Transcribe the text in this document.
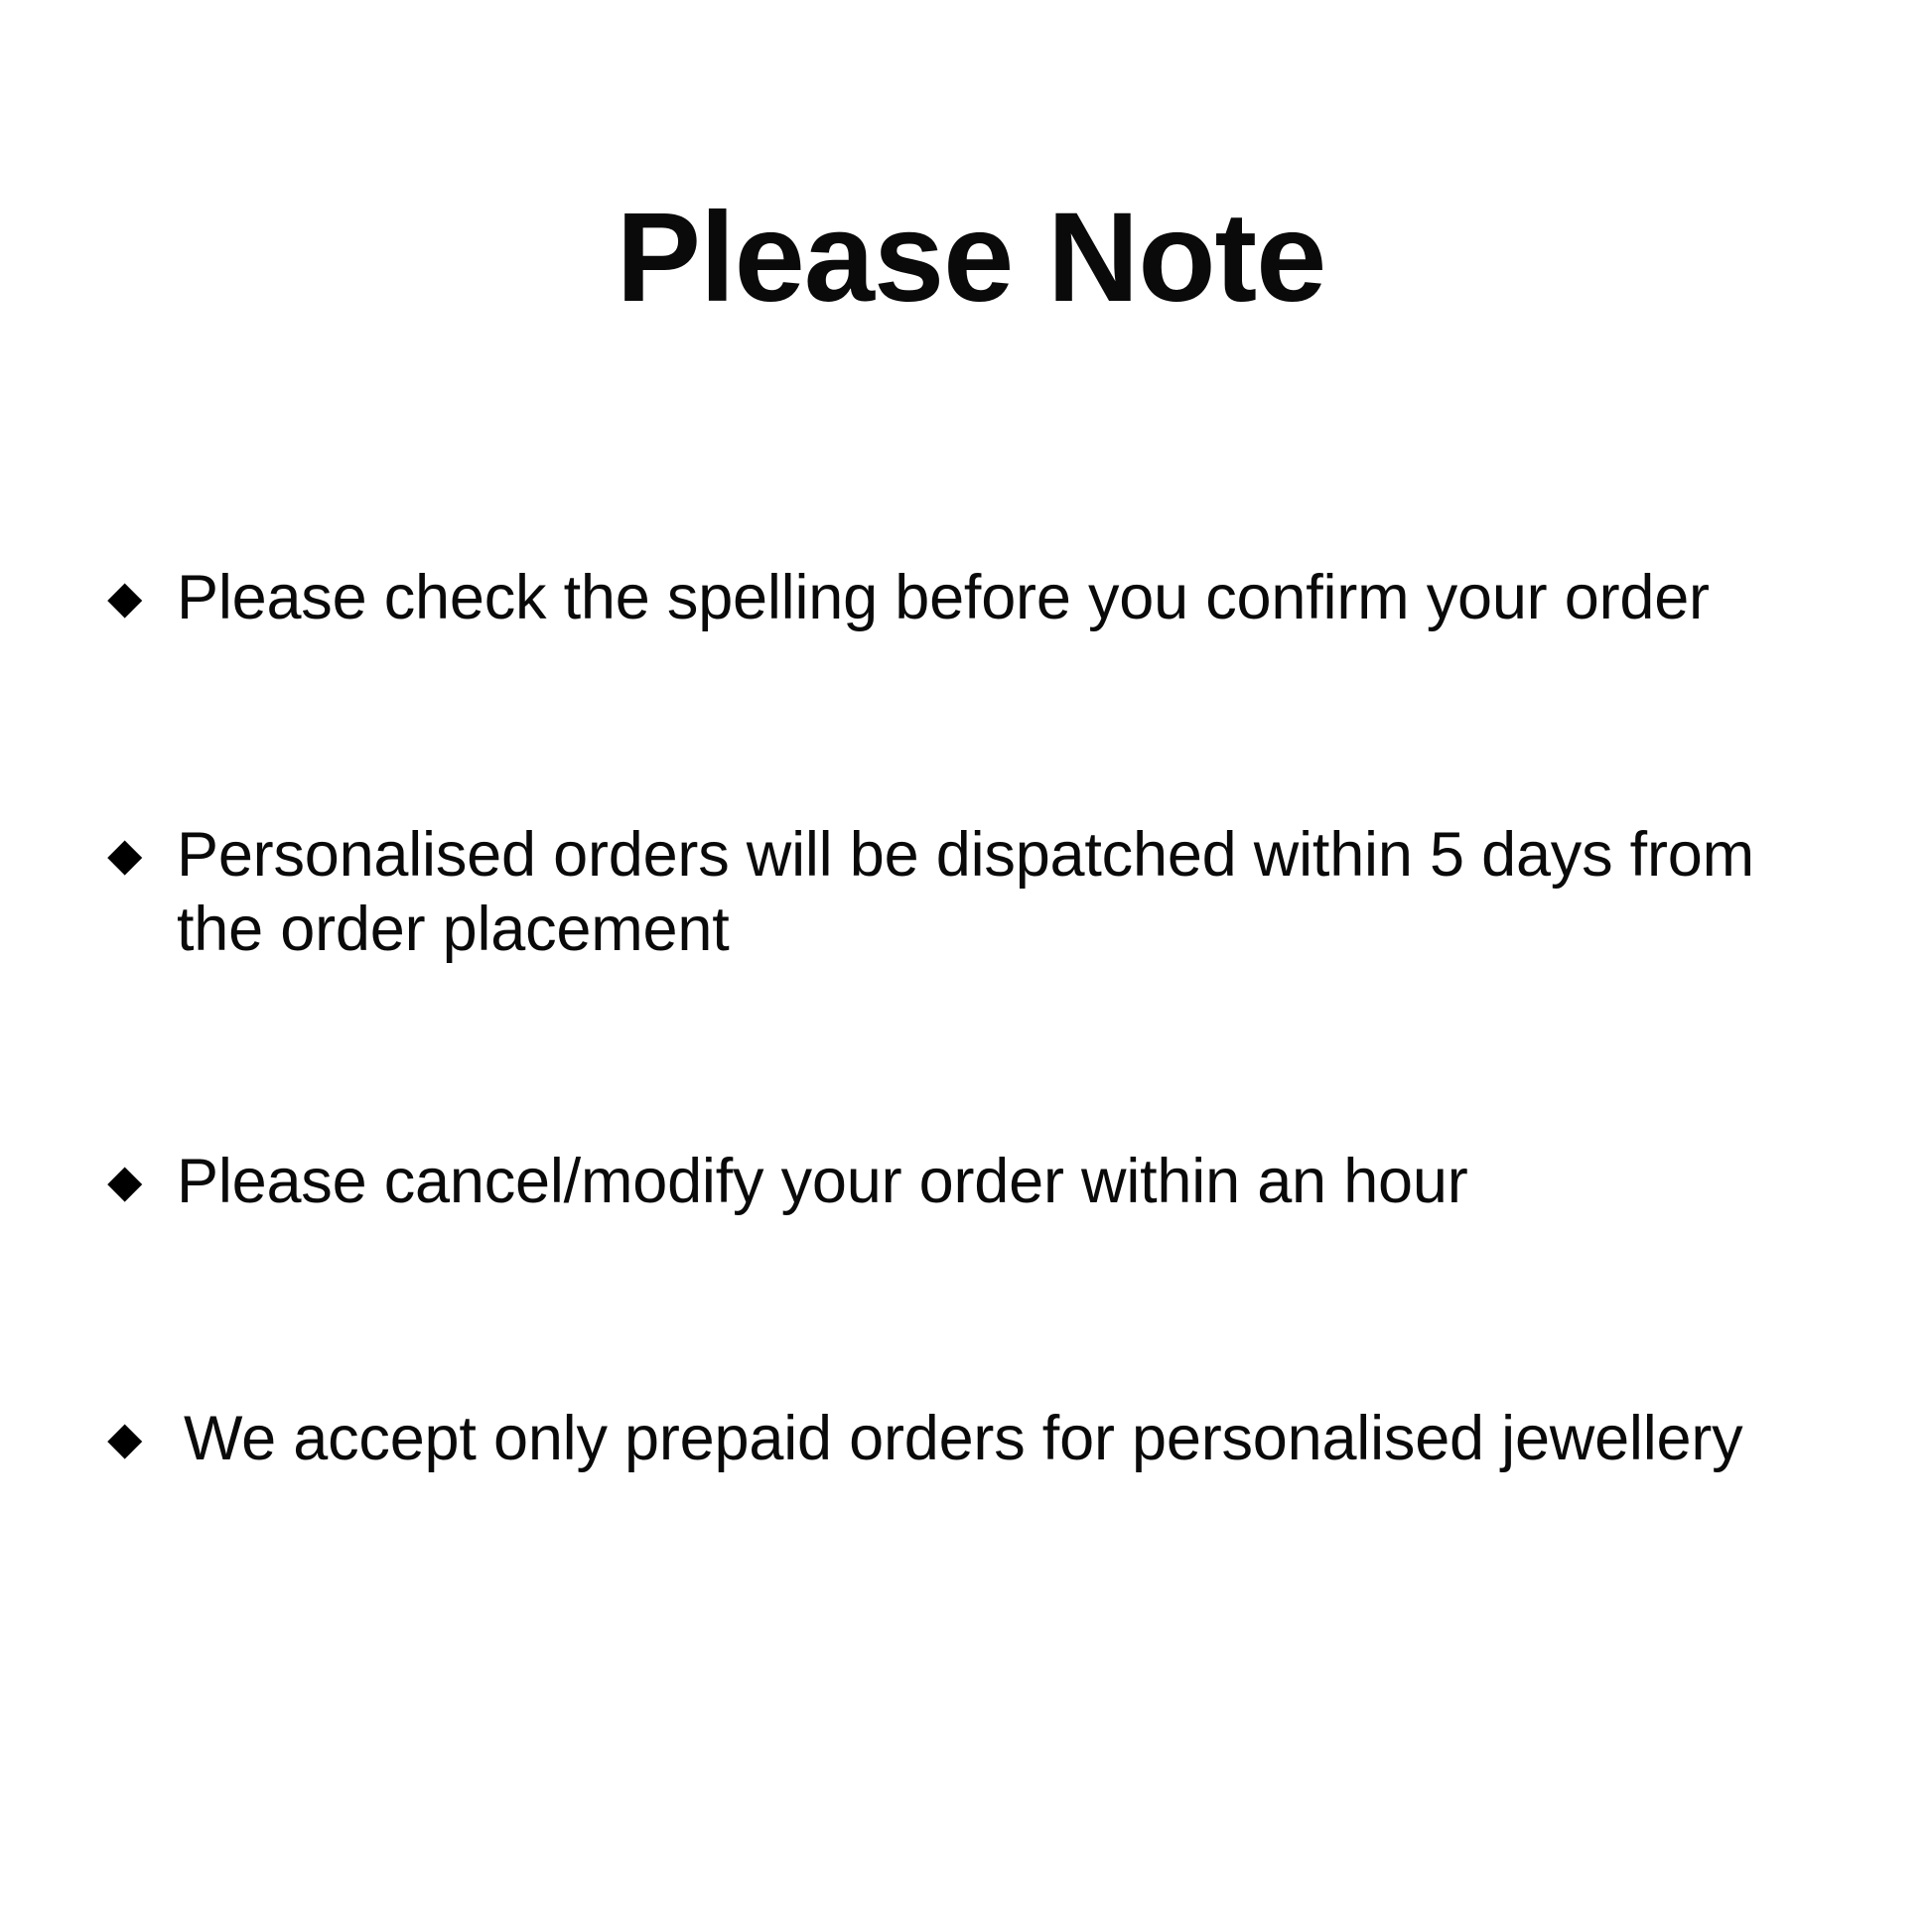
Please Note
◆ Please check the spelling before you confirm your order
◆ Personalised orders will be dispatched within 5 days from the order placement
◆ Please cancel/modify your order within an hour
◆ We accept only prepaid orders for personalised jewellery
